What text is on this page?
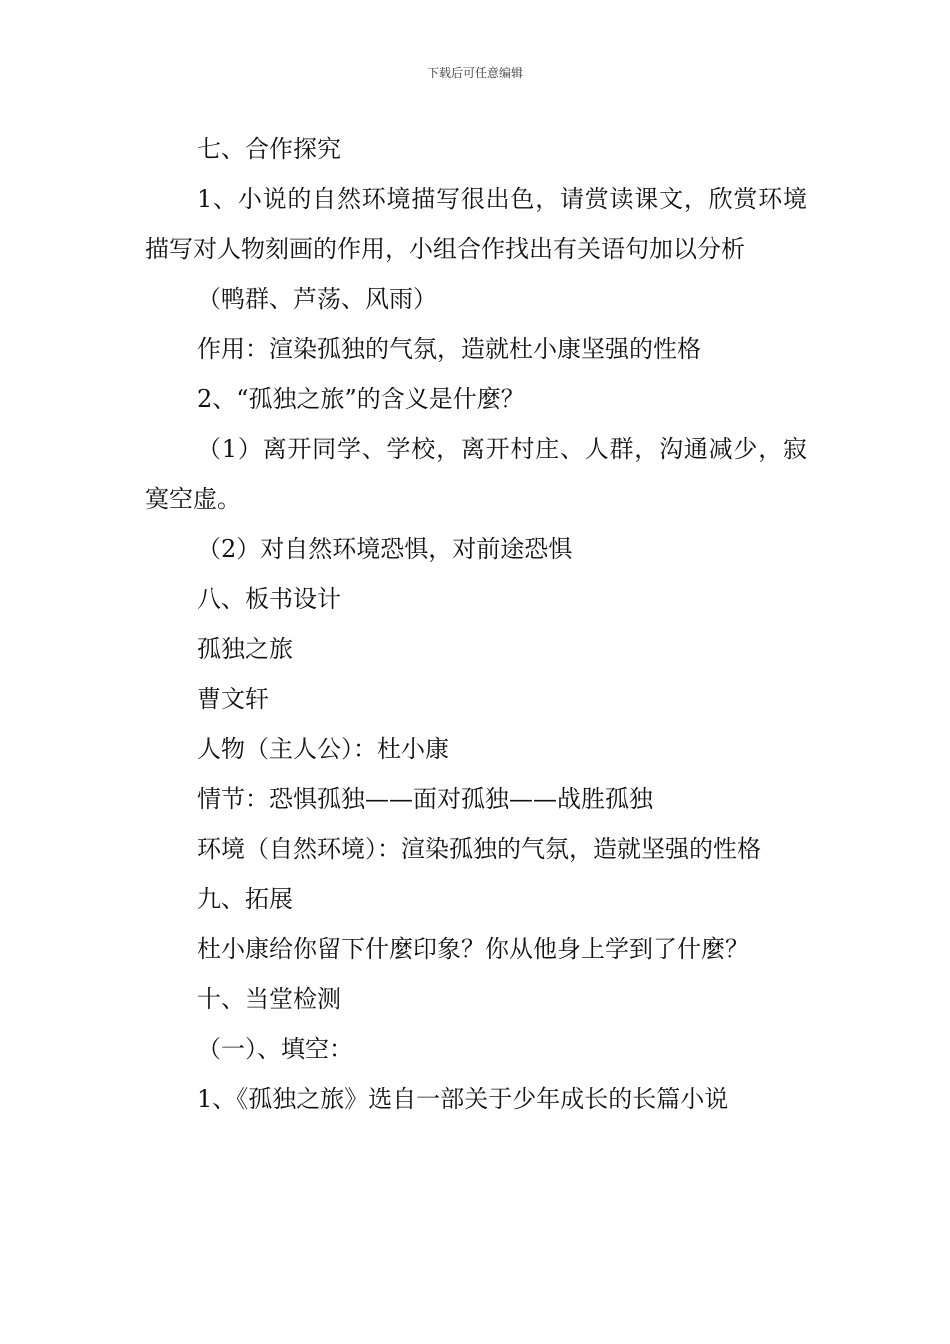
下载后可任意编辑

七、合作探究

1、小说的自然环境描写很出色，请赏读课文，欣赏环境描写对人物刻画的作用，小组合作找出有关语句加以分析

（鸭群、芦荡、风雨）

作用：渲染孤独的气氛，造就杜小康坚强的性格

2、“孤独之旅”的含义是什麼？

（1）离开同学、学校，离开村庄、人群，沟通减少，寂寞空虚。

（2）对自然环境恐惧，对前途恐惧

八、板书设计

孤独之旅

曹文轩

人物（主人公）：杜小康

情节：恐惧孤独——面对孤独——战胜孤独

环境（自然环境）：渲染孤独的气氛，造就坚强的性格

九、拓展

杜小康给你留下什麼印象？你从他身上学到了什麼？

十、当堂检测

（一）、填空：

1、《孤独之旅》选自一部关于少年成长的长篇小说
